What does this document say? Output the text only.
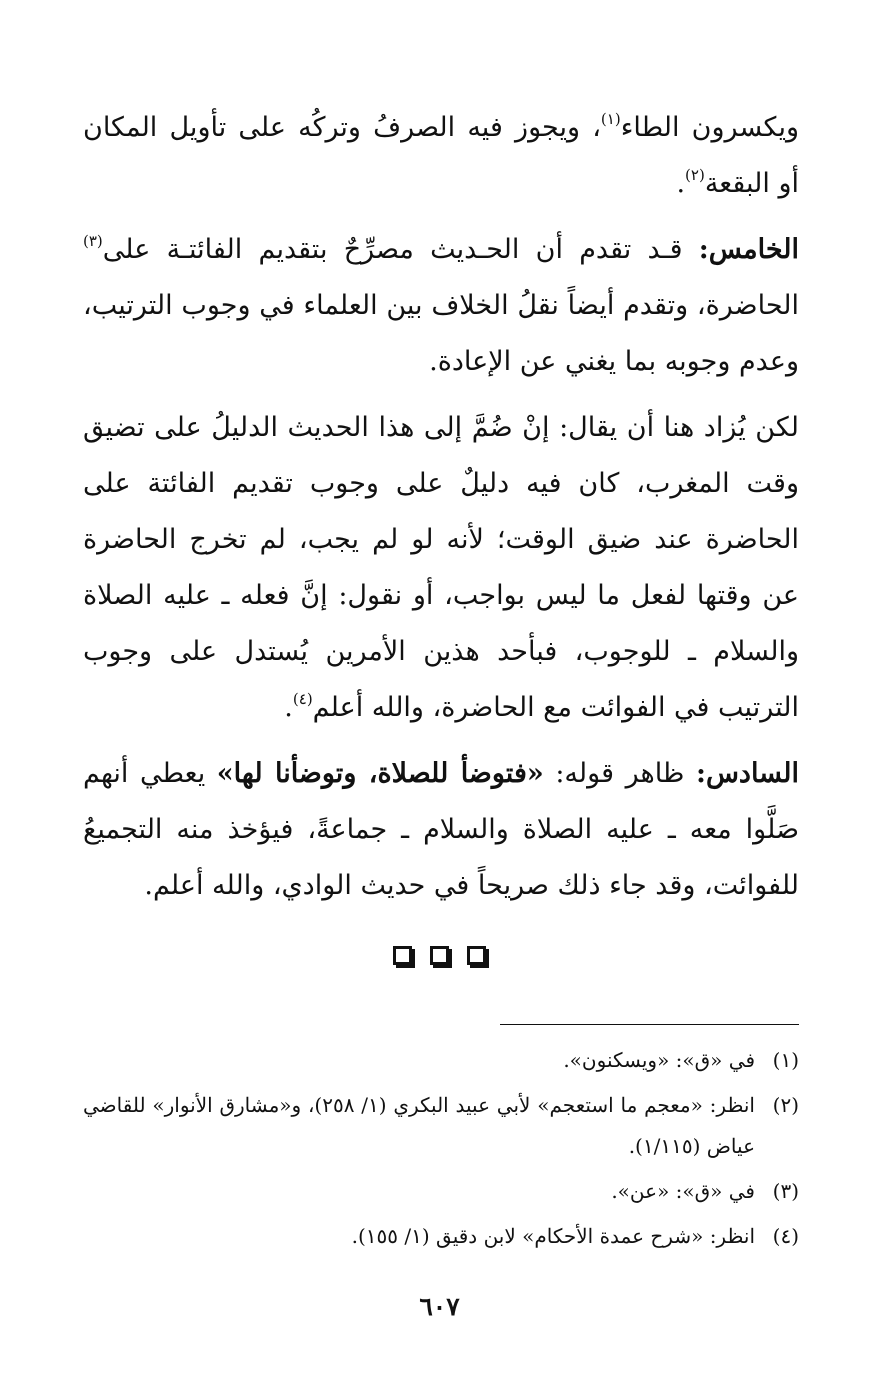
ويكسرون الطاء$^{(١)}$، ويجوز فيه الصرفُ وتركُه على تأويل المكان أو البقعة$^{(٢)}$.

الخامس: قـد تقدم أن الحـديث مصرِّحٌ بتقديم الفائتـة على$^{(٣)}$ الحاضرة، وتقدم أيضاً نقلُ الخلاف بين العلماء في وجوب الترتيب، وعدم وجوبه بما يغني عن الإعادة.

لكن يُزاد هنا أن يقال: إنْ ضُمَّ إلى هذا الحديث الدليلُ على تضيق وقت المغرب، كان فيه دليلٌ على وجوب تقديم الفائتة على الحاضرة عند ضيق الوقت؛ لأنه لو لم يجب، لم تخرج الحاضرة عن وقتها لفعل ما ليس بواجب، أو نقول: إنَّ فعله ـ عليه الصلاة والسلام ـ للوجوب، فبأحد هذين الأمرين يُستدل على وجوب الترتيب في الفوائت مع الحاضرة، والله أعلم$^{(٤)}$.

السادس: ظاهر قوله: «فتوضأ للصلاة، وتوضأنا لها» يعطي أنهم صَلَّوا معه ـ عليه الصلاة والسلام ـ جماعةً، فيؤخذ منه التجميعُ للفوائت، وقد جاء ذلك صريحاً في حديث الوادي، والله أعلم.

(١)
في «ق»: «ويسكنون».
(٢)
انظر: «معجم ما استعجم» لأبي عبيد البكري (١/ ٢٥٨)، و«مشارق الأنوار» للقاضي عياض (١/١١٥).
(٣)
في «ق»: «عن».
(٤)
انظر: «شرح عمدة الأحكام» لابن دقيق (١/ ١٥٥).
٦٠٧
